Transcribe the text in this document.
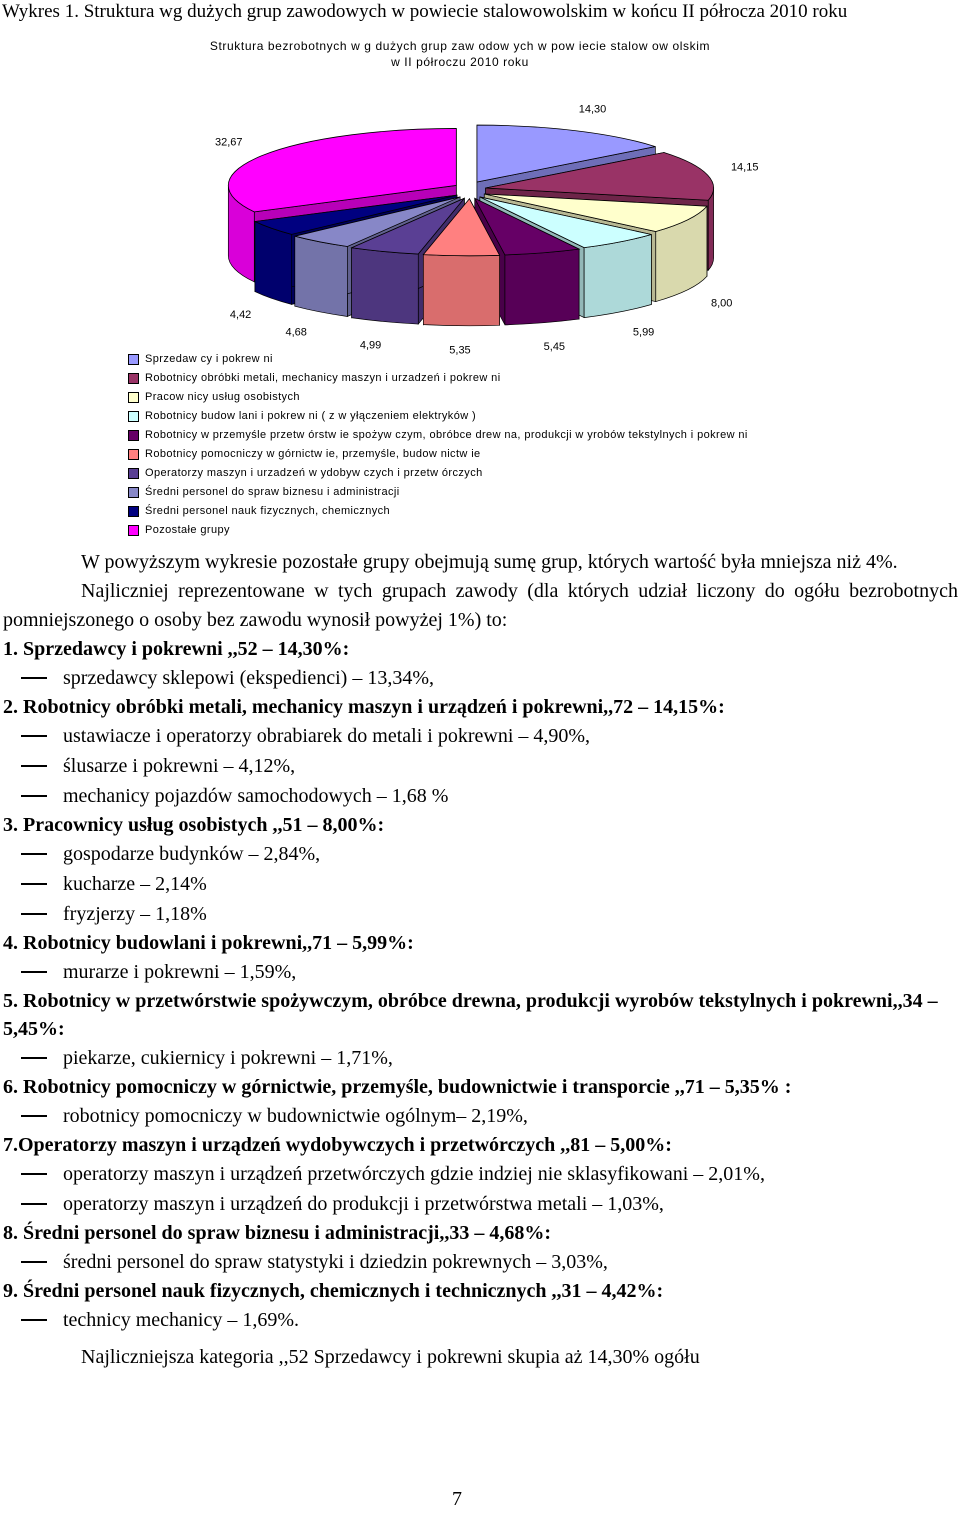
Wykres 1. Struktura wg dużych grup zawodowych w powiecie stalowowolskim w końcu II półrocza 2010 roku
Struktura bezrobotnych w g dużych grup zaw odow ych w pow iecie stalow ow olskim
w II półroczu 2010 roku
14,30
14,15
8,00
5,99
5,45
5,35
4,99
4,68
4,42
32,67
Sprzedaw cy i pokrew ni
Robotnicy obróbki metali, mechanicy maszyn i urzadzeń i pokrew ni
Pracow nicy usług osobistych
Robotnicy budow lani i pokrew ni ( z w yłączeniem elektryków )
Robotnicy w przemyśle przetw órstw ie spożyw czym, obróbce drew na, produkcji w yrobów tekstylnych i pokrew ni
Robotnicy pomocniczy w górnictw ie, przemyśle, budow nictw ie
Operatorzy maszyn i urzadzeń w ydobyw czych i przetw órczych
Średni personel do spraw biznesu i administracji
Średni personel nauk fizycznych, chemicznych
Pozostałe grupy
W powyższym wykresie pozostałe grupy obejmują sumę grup, których wartość była mniejsza niż 4%.
Najliczniej reprezentowane w tych grupach zawody (dla których udział liczony do ogółu bezrobotnych pomniejszonego o osoby bez zawodu wynosił powyżej 1%) to:
1. Sprzedawcy i pokrewni ,,52 – 14,30%:
sprzedawcy sklepowi (ekspedienci) – 13,34%,
2. Robotnicy obróbki metali, mechanicy maszyn i urządzeń i pokrewni,,72 – 14,15%:
ustawiacze i operatorzy obrabiarek do metali i pokrewni – 4,90%,
ślusarze i pokrewni – 4,12%,
mechanicy pojazdów samochodowych – 1,68 %
3. Pracownicy usług osobistych ,,51 – 8,00%:
gospodarze budynków – 2,84%,
kucharze – 2,14%
fryzjerzy – 1,18%
4. Robotnicy budowlani i pokrewni,,71 – 5,99%:
murarze i pokrewni – 1,59%,
5. Robotnicy w przetwórstwie spożywczym, obróbce drewna, produkcji wyrobów tekstylnych i pokrewni,,34 – 5,45%:
piekarze, cukiernicy i pokrewni – 1,71%,
6. Robotnicy pomocniczy w górnictwie, przemyśle, budownictwie i transporcie ,,71 – 5,35% :
robotnicy pomocniczy w budownictwie ogólnym– 2,19%,
7.Operatorzy maszyn i urządzeń wydobywczych i przetwórczych ,,81 – 5,00%:
operatorzy maszyn i urządzeń przetwórczych gdzie indziej nie sklasyfikowani – 2,01%,
operatorzy maszyn i urządzeń do produkcji i przetwórstwa metali – 1,03%,
8. Średni personel do spraw biznesu i administracji,,33 – 4,68%:
średni personel do spraw statystyki i dziedzin pokrewnych – 3,03%,
9. Średni personel nauk fizycznych, chemicznych i technicznych ,,31 – 4,42%:
technicy mechanicy – 1,69%.
Najliczniejsza kategoria ,,52 Sprzedawcy i pokrewni skupia aż 14,30% ogółu
7
